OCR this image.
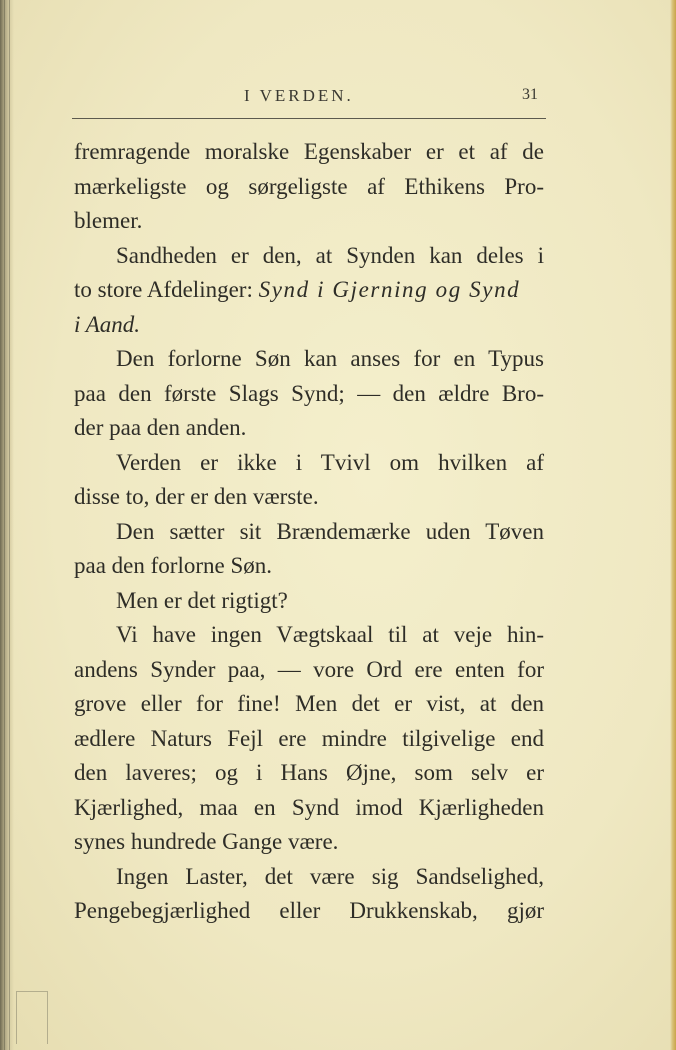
I VERDEN.	31
fremragende moralske Egenskaber er et af de
mærkeligste og sørgeligste af Ethikens Pro-
blemer.
Sandheden er den, at Synden kan deles i
to store Afdelinger: Synd i Gjerning og Synd
i Aand.
Den forlorne Søn kan anses for en Typus
paa den første Slags Synd; — den ældre Bro-
der paa den anden.
Verden er ikke i Tvivl om hvilken af
disse to, der er den værste.
Den sætter sit Brændemærke uden Tøven
paa den forlorne Søn.
Men er det rigtigt?
Vi have ingen Vægtskaal til at veje hin-
andens Synder paa, — vore Ord ere enten for
grove eller for fine! Men det er vist, at den
ædlere Naturs Fejl ere mindre tilgivelige end
den laveres; og i Hans Øjne, som selv er
Kjærlighed, maa en Synd imod Kjærligheden
synes hundrede Gange være.
Ingen Laster, det være sig Sandselighed,
Pengebegjærlighed eller Drukkenskab, gjør
